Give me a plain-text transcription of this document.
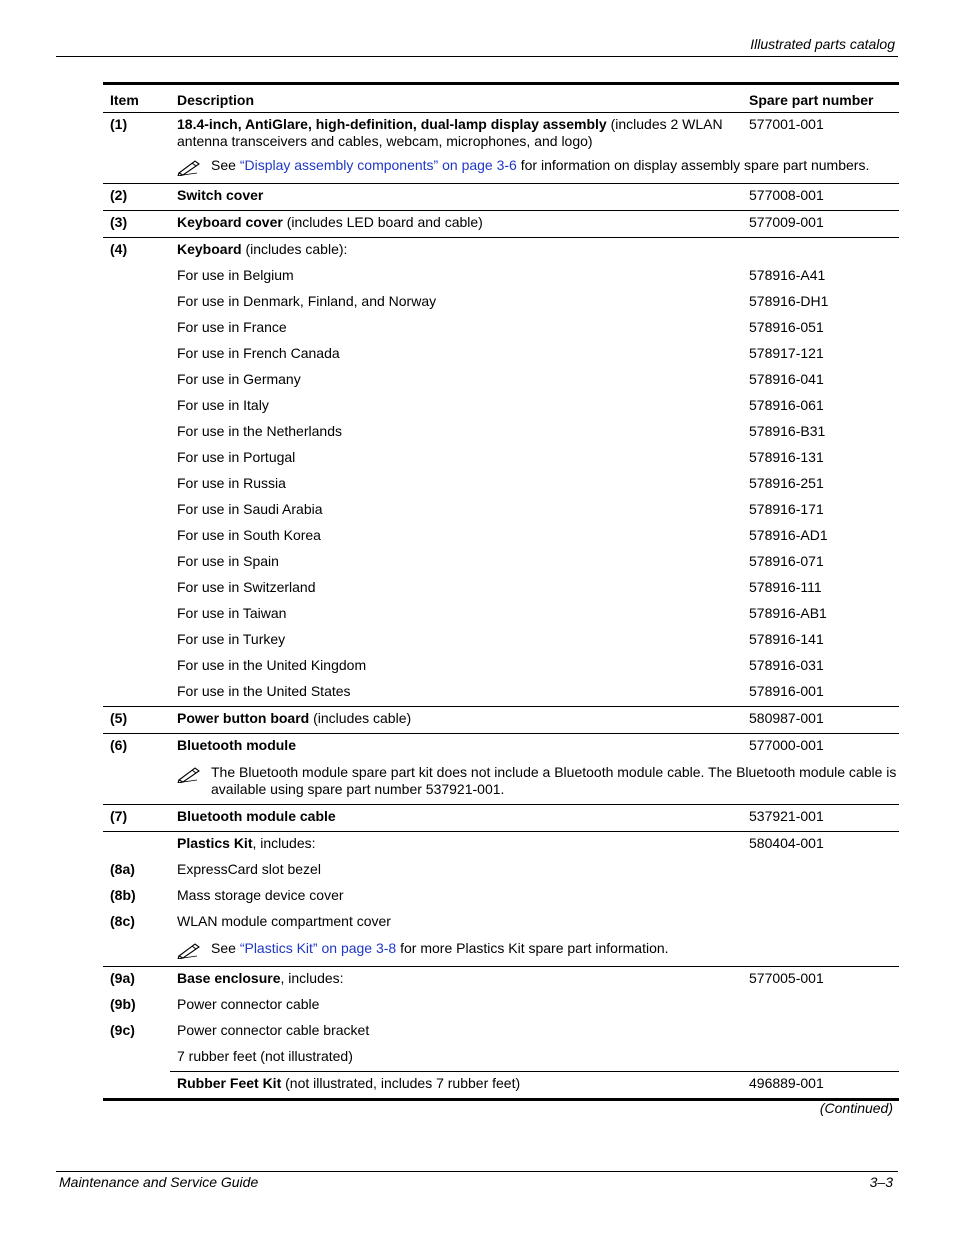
Illustrated parts catalog
Item	Description	Spare part number
(1)	18.4-inch, AntiGlare, high-definition, dual-lamp display assembly (includes 2 WLAN antenna transceivers and cables, webcam, microphones, and logo)	577001-001

	See “Display assembly components” on page 3-6 for information on display assembly spare part numbers.	

(2)	Switch cover	577008-001
(3)	Keyboard cover (includes LED board and cable)	577009-001
(4)	Keyboard (includes cable):	
	For use in Belgium	578916-A41
	For use in Denmark, Finland, and Norway	578916-DH1
	For use in France	578916-051
	For use in French Canada	578917-121
	For use in Germany	578916-041
	For use in Italy	578916-061
	For use in the Netherlands	578916-B31
	For use in Portugal	578916-131
	For use in Russia	578916-251
	For use in Saudi Arabia	578916-171
	For use in South Korea	578916-AD1
	For use in Spain	578916-071
	For use in Switzerland	578916-111
	For use in Taiwan	578916-AB1
	For use in Turkey	578916-141
	For use in the United Kingdom	578916-031
	For use in the United States	578916-001
(5)	Power button board (includes cable)	580987-001
(6)	Bluetooth module	577000-001

	The Bluetooth module spare part kit does not include a Bluetooth module cable. The Bluetooth module cable is available using spare part number 537921-001.	

(7)	Bluetooth module cable	537921-001
	Plastics Kit, includes:	580404-001
(8a)	ExpressCard slot bezel	
(8b)	Mass storage device cover	
(8c)	WLAN module compartment cover	

	See “Plastics Kit” on page 3-8 for more Plastics Kit spare part information.	

(9a)	Base enclosure, includes:	577005-001
(9b)	Power connector cable	
(9c)	Power connector cable bracket	
	7 rubber feet (not illustrated)	
	Rubber Feet Kit (not illustrated, includes 7 rubber feet)	496889-001
(Continued)
Maintenance and Service Guide	3–3
